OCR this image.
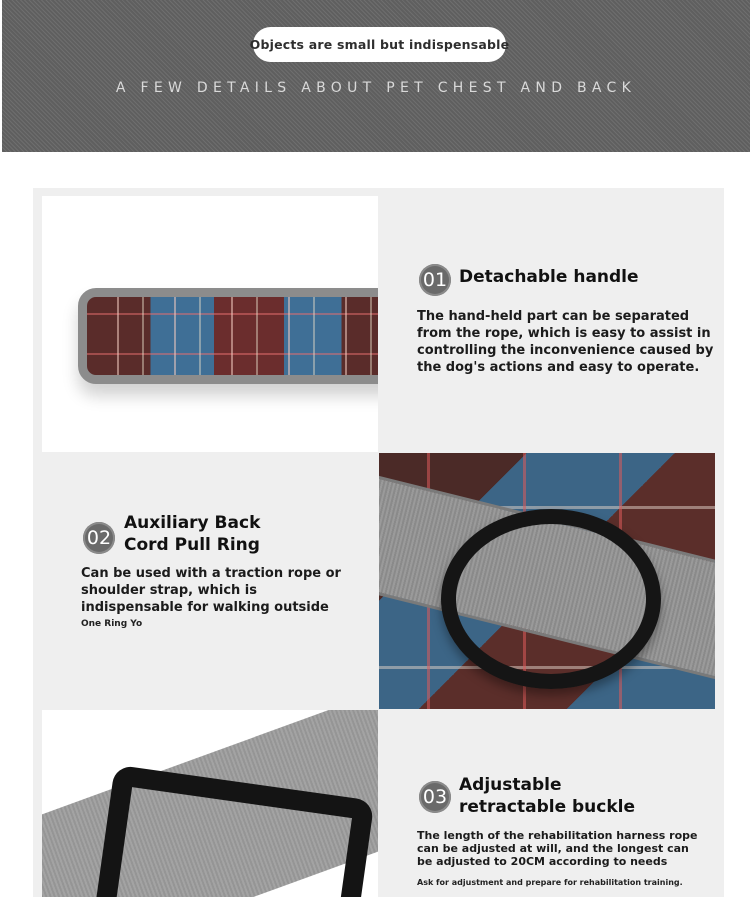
Objects are small but indispensable
A FEW DETAILS ABOUT PET CHEST AND BACK
01 Detachable handle
The hand-held part can be separated from the rope, which is easy to assist in controlling the inconvenience caused by the dog's actions and easy to operate.
02
Auxiliary Back
Cord Pull Ring
Can be used with a traction rope or shoulder strap, which is indispensable for walking outside
One Ring Yo
03
Adjustable
retractable buckle
The length of the rehabilitation harness rope can be adjusted at will, and the longest can be adjusted to 20CM according to needs
Ask for adjustment and prepare for rehabilitation training.
